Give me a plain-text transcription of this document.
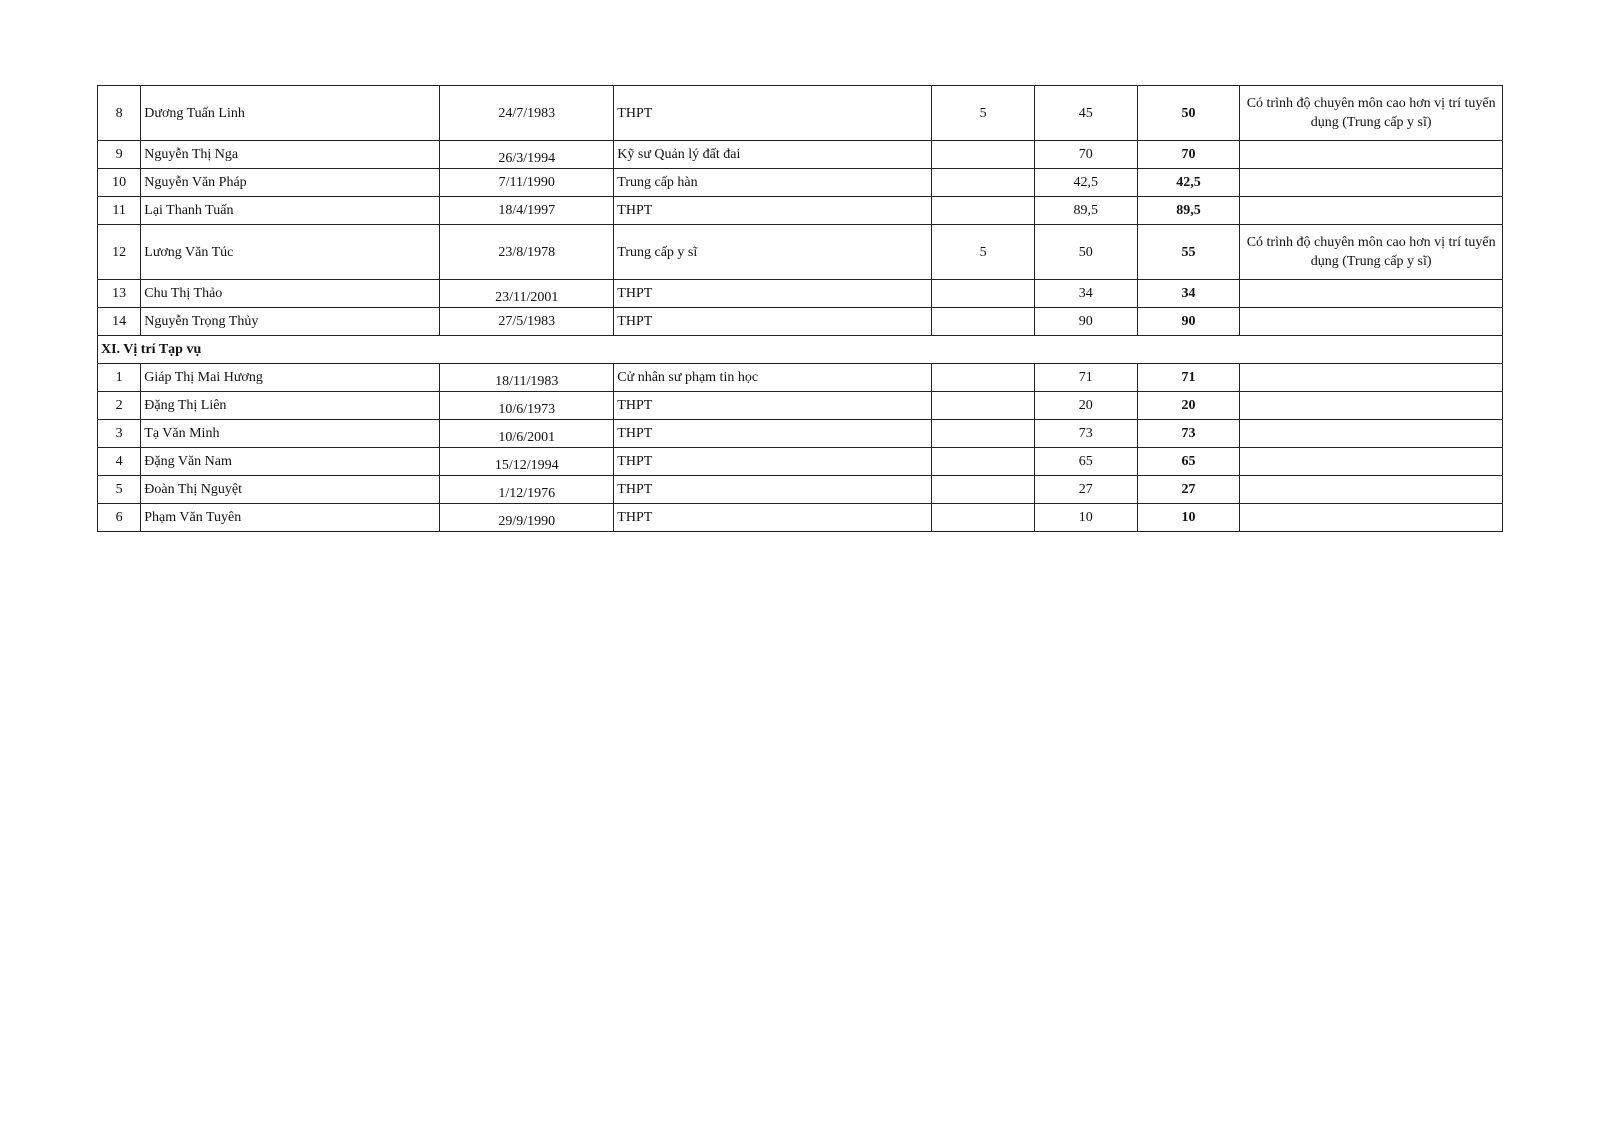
8	Dương Tuấn Linh	24/7/1983	THPT	5	45	50	Có trình độ chuyên môn cao hơn vị trí tuyển dụng (Trung cấp y sĩ)
9	Nguyễn Thị Nga	26/3/1994	Kỹ sư Quản lý đất đai		70	70	
10	Nguyễn Văn Pháp	7/11/1990	Trung cấp hàn		42,5	42,5	
11	Lại Thanh Tuấn	18/4/1997	THPT		89,5	89,5	
12	Lương Văn Túc	23/8/1978	Trung cấp y sĩ	5	50	55	Có trình độ chuyên môn cao hơn vị trí tuyển dụng (Trung cấp y sĩ)
13	Chu Thị Thảo	23/11/2001	THPT		34	34	
14	Nguyễn Trọng Thủy	27/5/1983	THPT		90	90	
XI. Vị trí Tạp vụ							
1	Giáp Thị Mai Hương	18/11/1983	Cử nhân sư phạm tin học		71	71	
2	Đặng Thị Liên	10/6/1973	THPT		20	20	
3	Tạ Văn Minh	10/6/2001	THPT		73	73	
4	Đặng Văn Nam	15/12/1994	THPT		65	65	
5	Đoàn Thị Nguyệt	1/12/1976	THPT		27	27	
6	Phạm Văn Tuyên	29/9/1990	THPT		10	10	
